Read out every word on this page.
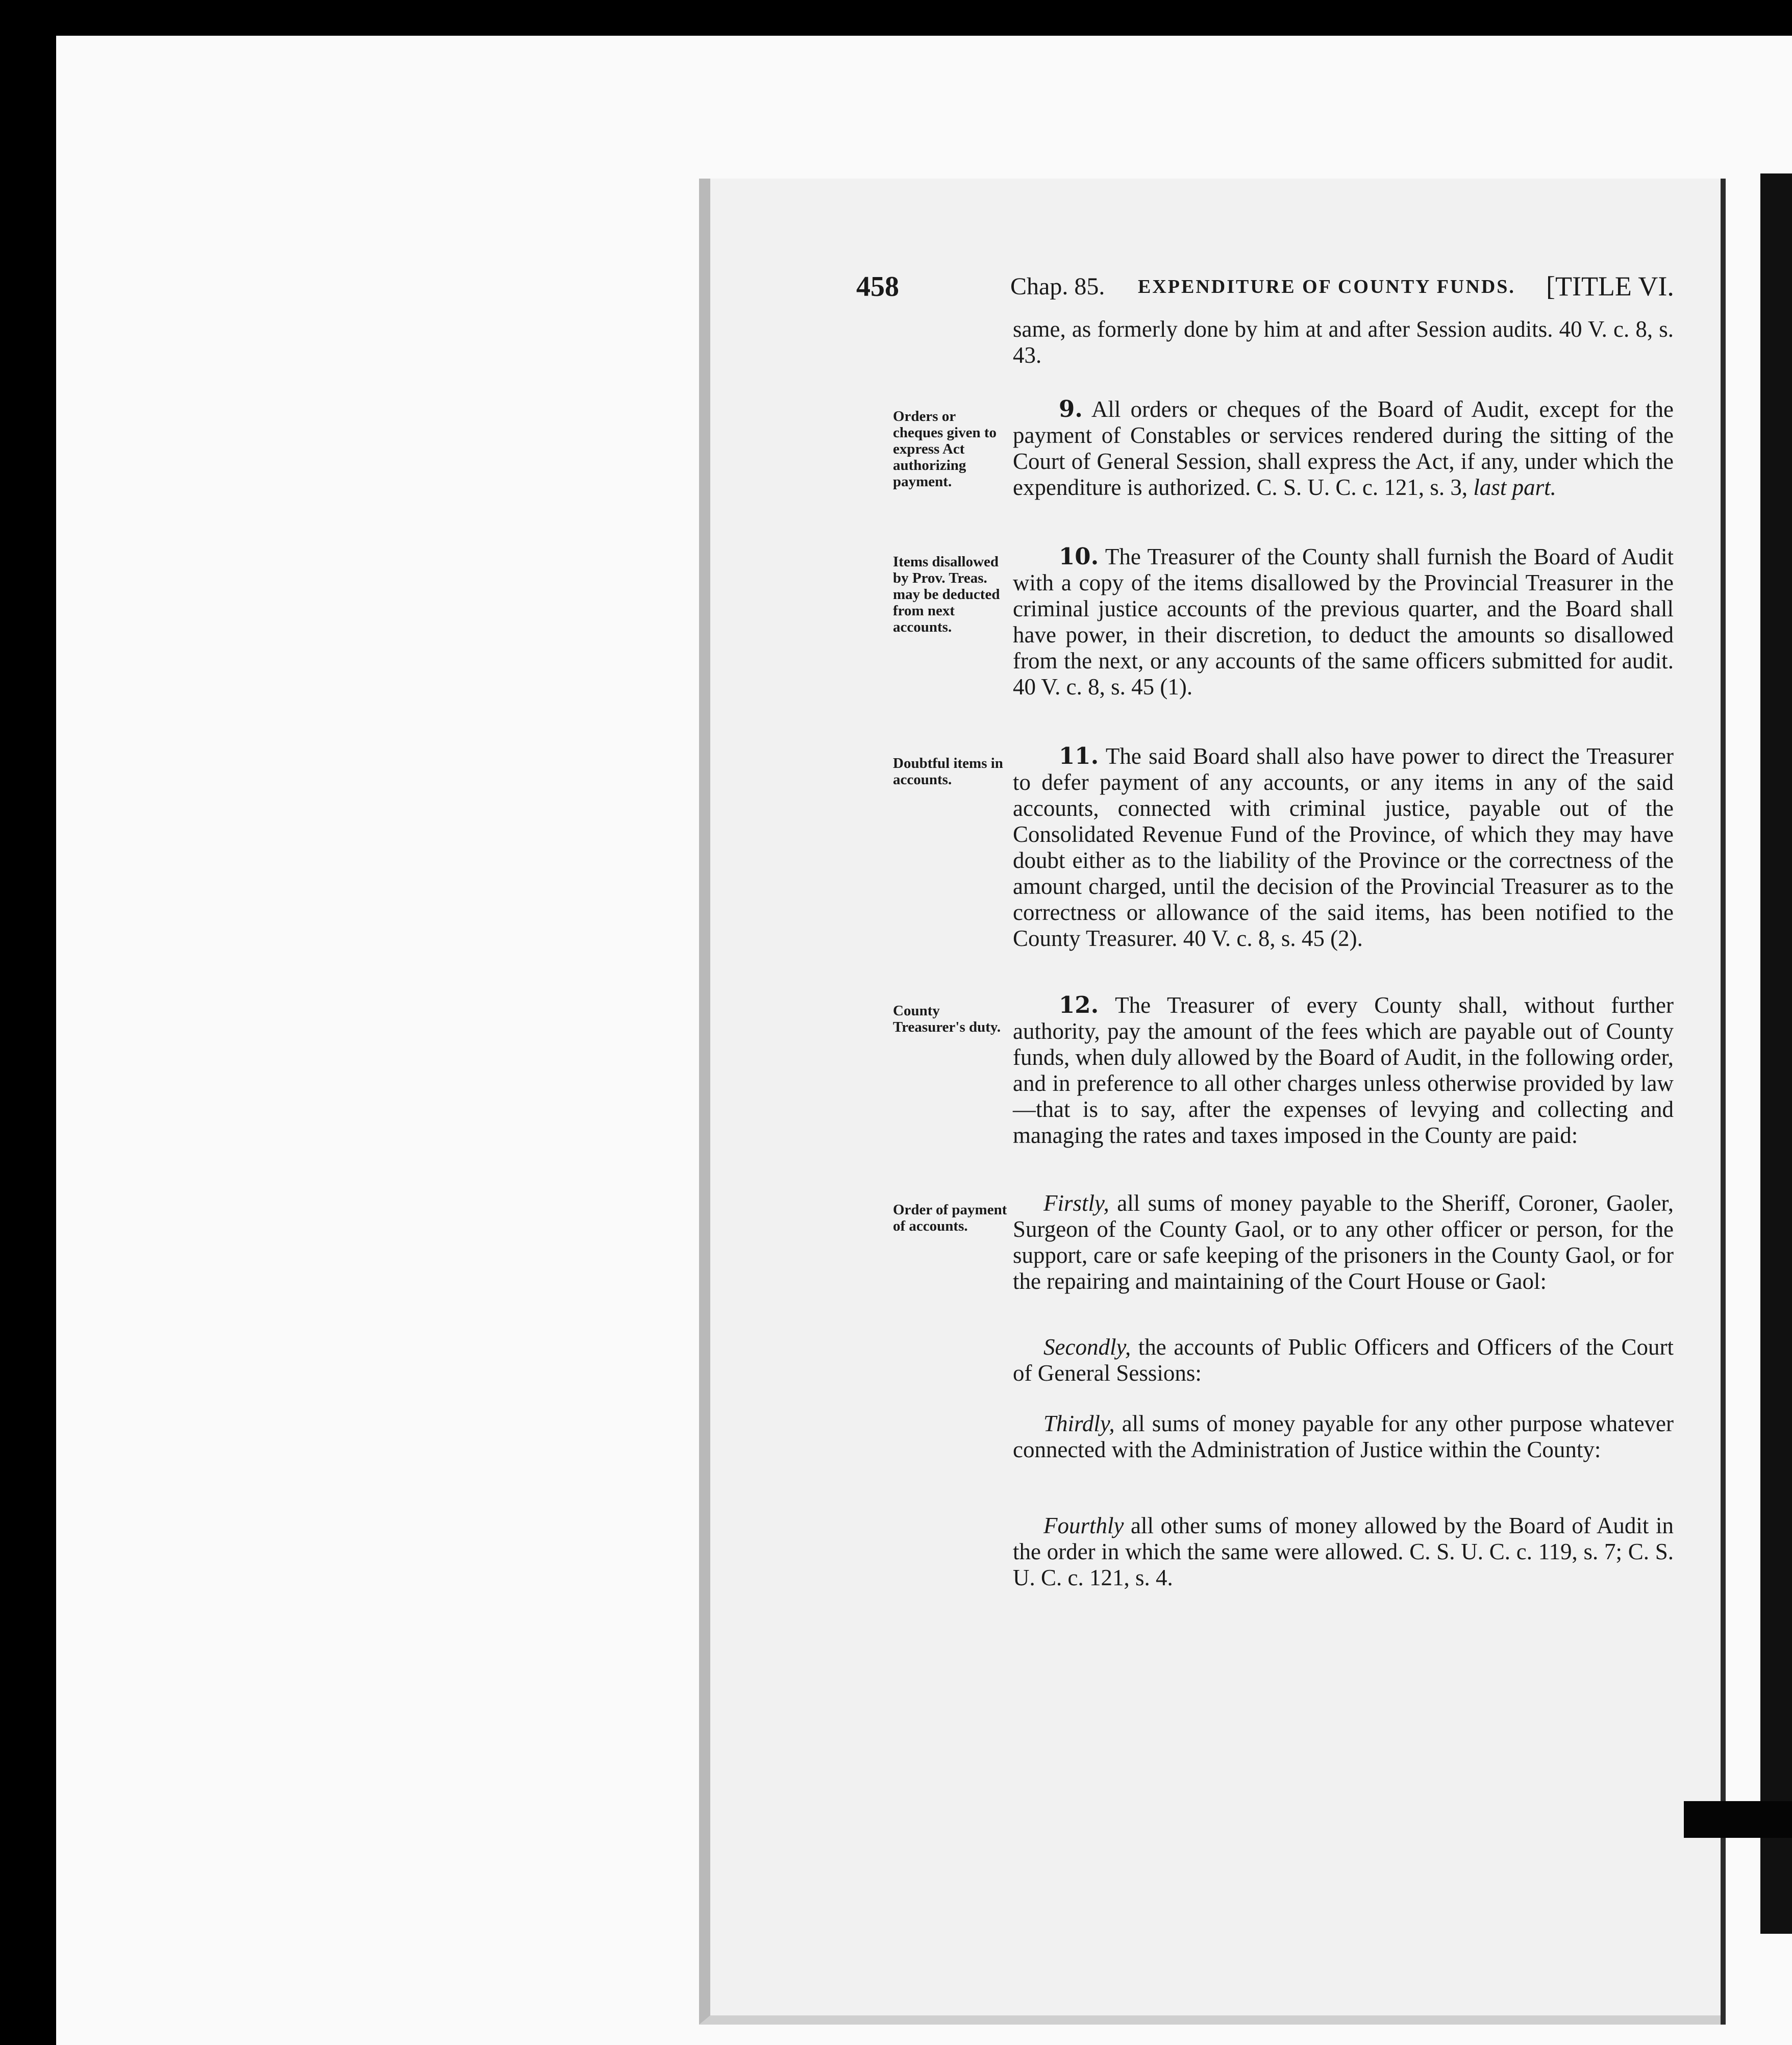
458	Chap. 85. EXPENDITURE OF COUNTY FUNDS. [TITLE VI.

same, as formerly done by him at and after Session audits. 40 V. c. 8, s. 43.

Orders or cheques given to express Act authorizing payment.

9. All orders or cheques of the Board of Audit, except for the payment of Constables or services rendered during the sitting of the Court of General Session, shall express the Act, if any, under which the expenditure is authorized. C. S. U. C. c. 121, s. 3, last part.

Items disallowed by Prov. Treas. may be deducted from next accounts.

10. The Treasurer of the County shall furnish the Board of Audit with a copy of the items disallowed by the Provincial Treasurer in the criminal justice accounts of the previous quarter, and the Board shall have power, in their discretion, to deduct the amounts so disallowed from the next, or any accounts of the same officers submitted for audit. 40 V. c. 8, s. 45 (1).

Doubtful items in accounts.

11. The said Board shall also have power to direct the Treasurer to defer payment of any accounts, or any items in any of the said accounts, connected with criminal justice, payable out of the Consolidated Revenue Fund of the Province, of which they may have doubt either as to the liability of the Province or the correctness of the amount charged, until the decision of the Provincial Treasurer as to the correctness or allowance of the said items, has been notified to the County Treasurer. 40 V. c. 8, s. 45 (2).

County Treasurer's duty.

12. The Treasurer of every County shall, without further authority, pay the amount of the fees which are payable out of County funds, when duly allowed by the Board of Audit, in the following order, and in preference to all other charges unless otherwise provided by law—that is to say, after the expenses of levying and collecting and managing the rates and taxes imposed in the County are paid:

Order of payment of accounts.

Firstly, all sums of money payable to the Sheriff, Coroner, Gaoler, Surgeon of the County Gaol, or to any other officer or person, for the support, care or safe keeping of the prisoners in the County Gaol, or for the repairing and maintaining of the Court House or Gaol:

Secondly, the accounts of Public Officers and Officers of the Court of General Sessions:

Thirdly, all sums of money payable for any other purpose whatever connected with the Administration of Justice within the County:

Fourthly all other sums of money allowed by the Board of Audit in the order in which the same were allowed. C. S. U. C. c. 119, s. 7; C. S. U. C. c. 121, s. 4.
